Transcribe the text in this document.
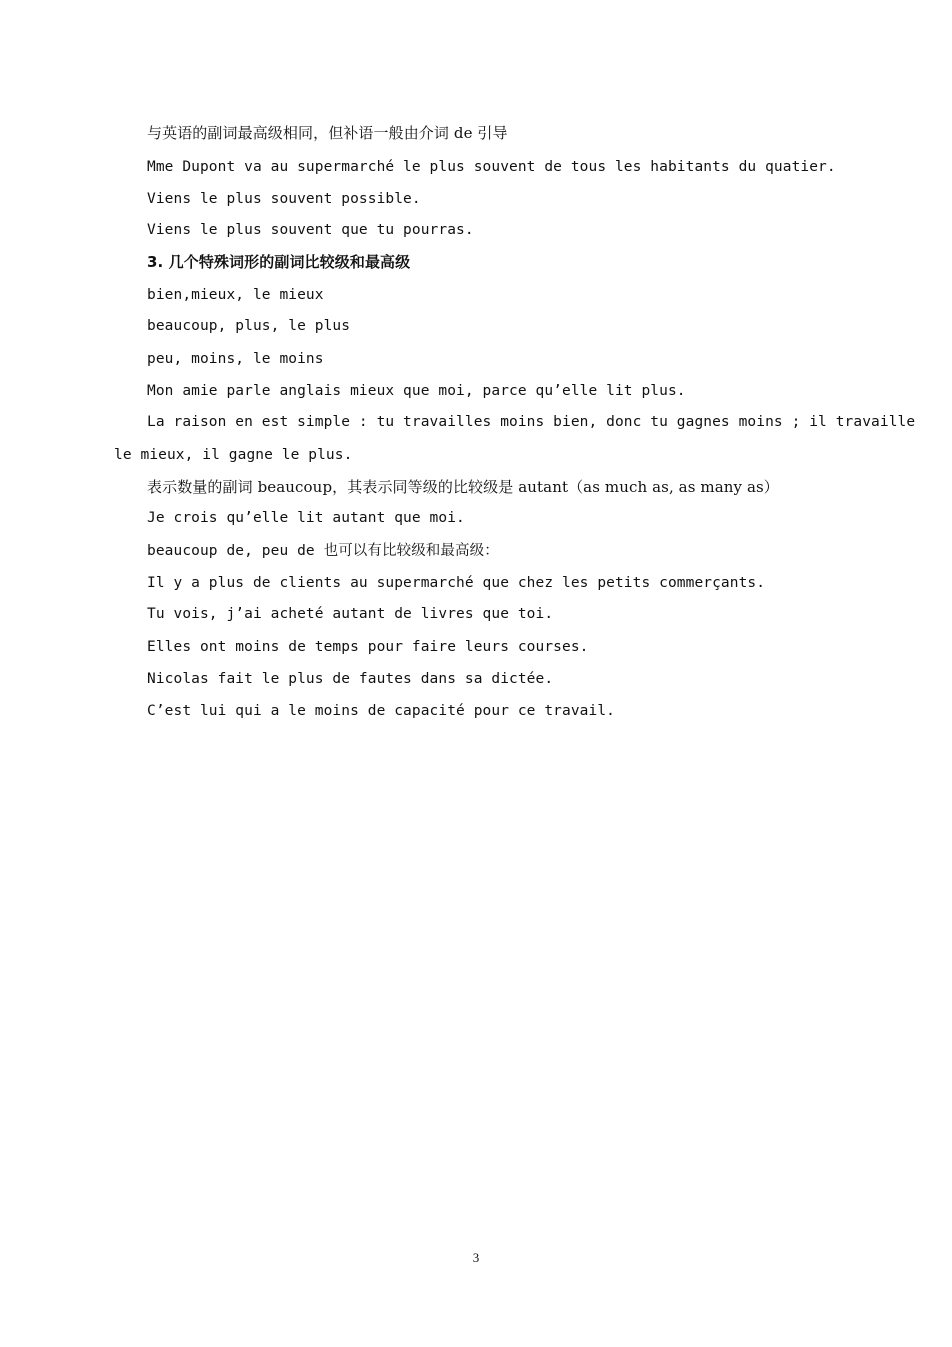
与英语的副词最高级相同，但补语一般由介词 de 引导
Mme Dupont va au supermarché le plus souvent de tous les habitants du quatier.
Viens le plus souvent possible.
Viens le plus souvent que tu pourras.
3. 几个特殊词形的副词比较级和最高级
bien,mieux, le mieux
beaucoup, plus, le plus
peu, moins, le moins
Mon amie parle anglais mieux que moi, parce qu’elle lit plus.
La raison en est simple : tu travailles moins bien, donc tu gagnes moins ; il travaille
le mieux, il gagne le plus.
表示数量的副词 beaucoup，其表示同等级的比较级是 autant（as much as, as many as）
Je crois qu’elle lit autant que moi.
beaucoup de, peu de 也可以有比较级和最高级：
Il y a plus de clients au supermarché que chez les petits commerçants.
Tu vois, j’ai acheté autant de livres que toi.
Elles ont moins de temps pour faire leurs courses.
Nicolas fait le plus de fautes dans sa dictée.
C’est lui qui a le moins de capacité pour ce travail.
3
